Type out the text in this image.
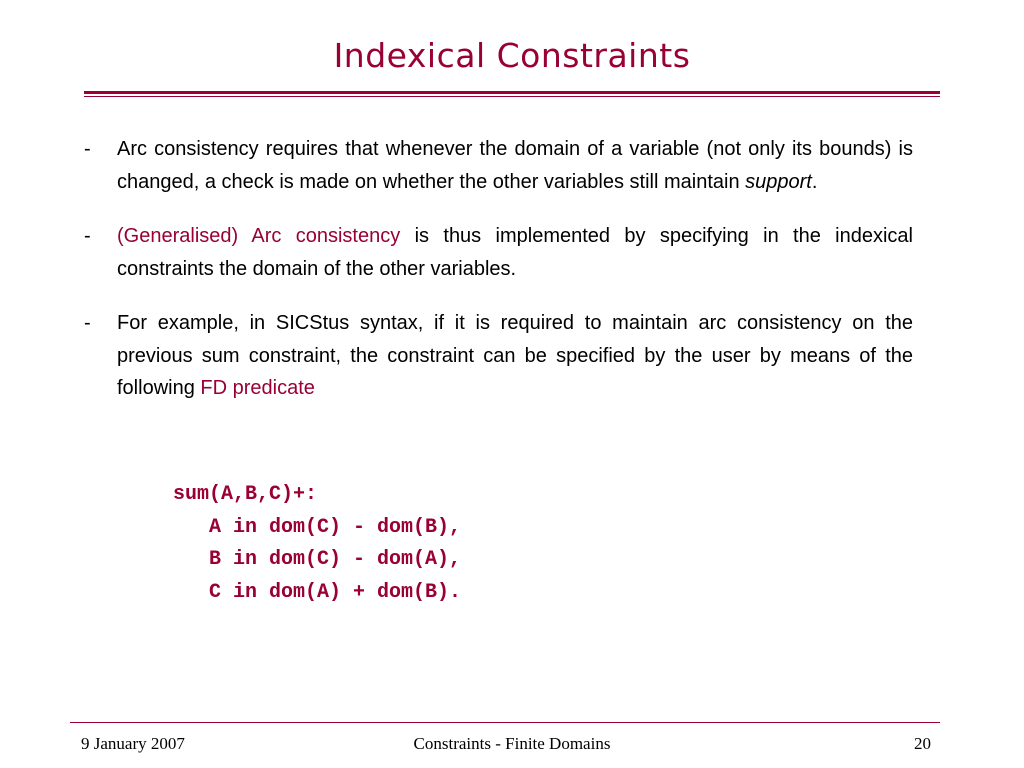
Indexical Constraints
- Arc consistency requires that whenever the domain of a variable (not only its bounds) is changed, a check is made on whether the other variables still maintain support.
- (Generalised) Arc consistency is thus implemented by specifying in the indexical constraints the domain of the other variables.
- For example, in SICStus syntax, if it is required to maintain arc consistency on the previous sum constraint, the constraint can be specified by the user by means of the following FD predicate
sum(A,B,C)+:
A in dom(C) - dom(B),
B in dom(C) - dom(A),
C in dom(A) + dom(B).
9 January 2007	Constraints - Finite Domains	20
